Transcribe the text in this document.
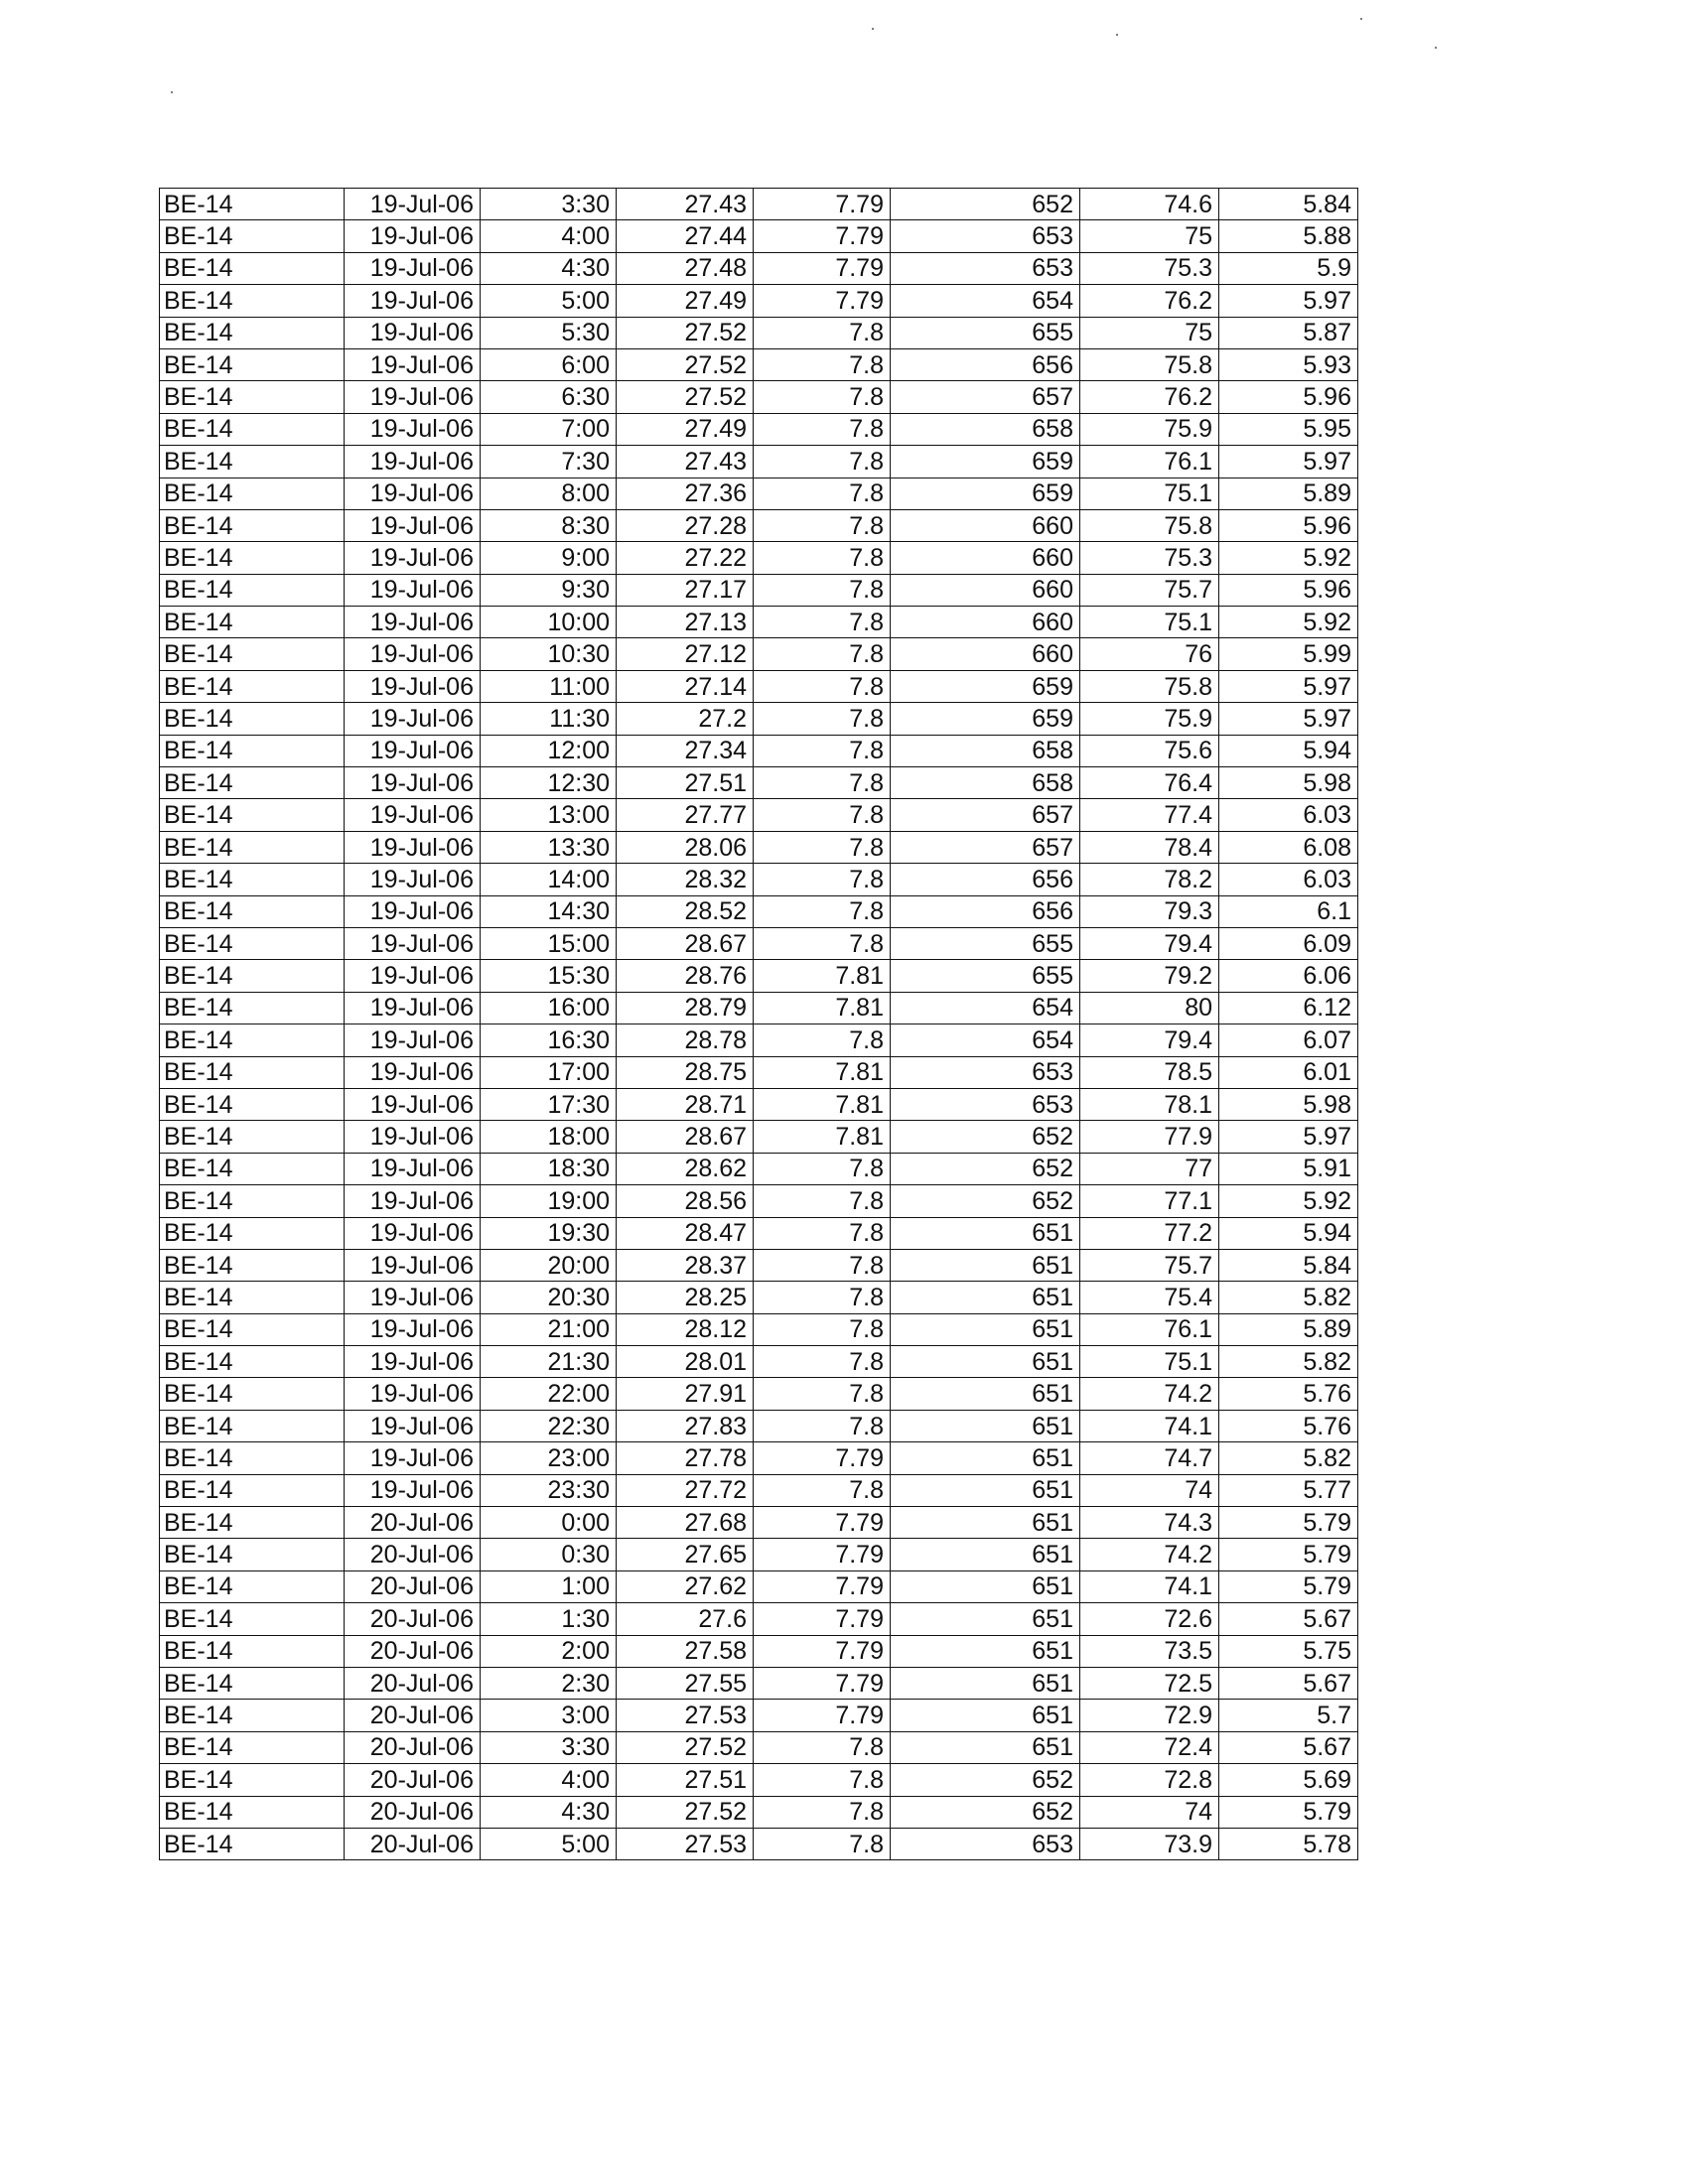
BE-14	19-Jul-06	3:30	27.43	7.79	652	74.6	5.84
BE-14	19-Jul-06	4:00	27.44	7.79	653	75	5.88
BE-14	19-Jul-06	4:30	27.48	7.79	653	75.3	5.9
BE-14	19-Jul-06	5:00	27.49	7.79	654	76.2	5.97
BE-14	19-Jul-06	5:30	27.52	7.8	655	75	5.87
BE-14	19-Jul-06	6:00	27.52	7.8	656	75.8	5.93
BE-14	19-Jul-06	6:30	27.52	7.8	657	76.2	5.96
BE-14	19-Jul-06	7:00	27.49	7.8	658	75.9	5.95
BE-14	19-Jul-06	7:30	27.43	7.8	659	76.1	5.97
BE-14	19-Jul-06	8:00	27.36	7.8	659	75.1	5.89
BE-14	19-Jul-06	8:30	27.28	7.8	660	75.8	5.96
BE-14	19-Jul-06	9:00	27.22	7.8	660	75.3	5.92
BE-14	19-Jul-06	9:30	27.17	7.8	660	75.7	5.96
BE-14	19-Jul-06	10:00	27.13	7.8	660	75.1	5.92
BE-14	19-Jul-06	10:30	27.12	7.8	660	76	5.99
BE-14	19-Jul-06	11:00	27.14	7.8	659	75.8	5.97
BE-14	19-Jul-06	11:30	27.2	7.8	659	75.9	5.97
BE-14	19-Jul-06	12:00	27.34	7.8	658	75.6	5.94
BE-14	19-Jul-06	12:30	27.51	7.8	658	76.4	5.98
BE-14	19-Jul-06	13:00	27.77	7.8	657	77.4	6.03
BE-14	19-Jul-06	13:30	28.06	7.8	657	78.4	6.08
BE-14	19-Jul-06	14:00	28.32	7.8	656	78.2	6.03
BE-14	19-Jul-06	14:30	28.52	7.8	656	79.3	6.1
BE-14	19-Jul-06	15:00	28.67	7.8	655	79.4	6.09
BE-14	19-Jul-06	15:30	28.76	7.81	655	79.2	6.06
BE-14	19-Jul-06	16:00	28.79	7.81	654	80	6.12
BE-14	19-Jul-06	16:30	28.78	7.8	654	79.4	6.07
BE-14	19-Jul-06	17:00	28.75	7.81	653	78.5	6.01
BE-14	19-Jul-06	17:30	28.71	7.81	653	78.1	5.98
BE-14	19-Jul-06	18:00	28.67	7.81	652	77.9	5.97
BE-14	19-Jul-06	18:30	28.62	7.8	652	77	5.91
BE-14	19-Jul-06	19:00	28.56	7.8	652	77.1	5.92
BE-14	19-Jul-06	19:30	28.47	7.8	651	77.2	5.94
BE-14	19-Jul-06	20:00	28.37	7.8	651	75.7	5.84
BE-14	19-Jul-06	20:30	28.25	7.8	651	75.4	5.82
BE-14	19-Jul-06	21:00	28.12	7.8	651	76.1	5.89
BE-14	19-Jul-06	21:30	28.01	7.8	651	75.1	5.82
BE-14	19-Jul-06	22:00	27.91	7.8	651	74.2	5.76
BE-14	19-Jul-06	22:30	27.83	7.8	651	74.1	5.76
BE-14	19-Jul-06	23:00	27.78	7.79	651	74.7	5.82
BE-14	19-Jul-06	23:30	27.72	7.8	651	74	5.77
BE-14	20-Jul-06	0:00	27.68	7.79	651	74.3	5.79
BE-14	20-Jul-06	0:30	27.65	7.79	651	74.2	5.79
BE-14	20-Jul-06	1:00	27.62	7.79	651	74.1	5.79
BE-14	20-Jul-06	1:30	27.6	7.79	651	72.6	5.67
BE-14	20-Jul-06	2:00	27.58	7.79	651	73.5	5.75
BE-14	20-Jul-06	2:30	27.55	7.79	651	72.5	5.67
BE-14	20-Jul-06	3:00	27.53	7.79	651	72.9	5.7
BE-14	20-Jul-06	3:30	27.52	7.8	651	72.4	5.67
BE-14	20-Jul-06	4:00	27.51	7.8	652	72.8	5.69
BE-14	20-Jul-06	4:30	27.52	7.8	652	74	5.79
BE-14	20-Jul-06	5:00	27.53	7.8	653	73.9	5.78
